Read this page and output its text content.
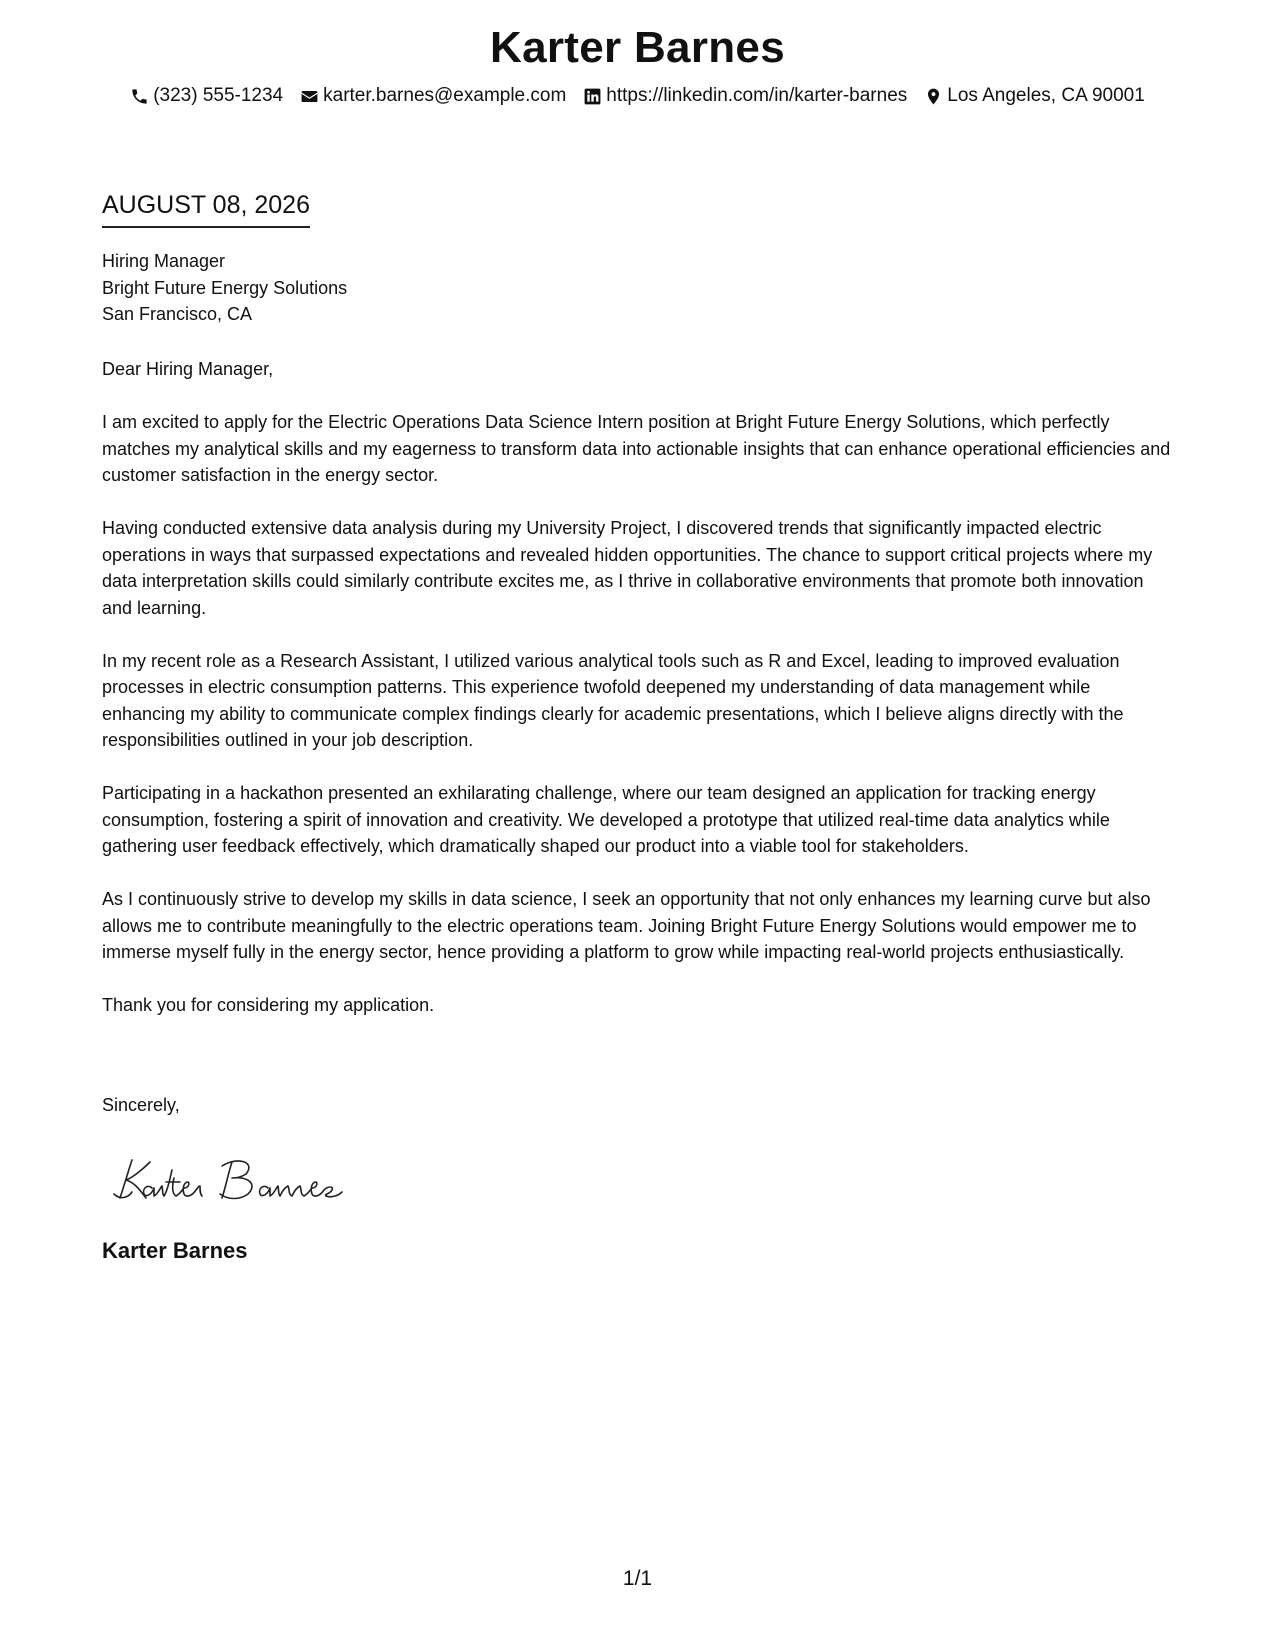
Karter Barnes
(323) 555-1234 karter.barnes@example.com https://linkedin.com/in/karter-barnes Los Angeles, CA 90001
AUGUST 08, 2026
Hiring Manager
Bright Future Energy Solutions
San Francisco, CA

Dear Hiring Manager,

I am excited to apply for the Electric Operations Data Science Intern position at Bright Future Energy Solutions, which perfectly matches my analytical skills and my eagerness to transform data into actionable insights that can enhance operational efficiencies and customer satisfaction in the energy sector.

Having conducted extensive data analysis during my University Project, I discovered trends that significantly impacted electric operations in ways that surpassed expectations and revealed hidden opportunities. The chance to support critical projects where my data interpretation skills could similarly contribute excites me, as I thrive in collaborative environments that promote both innovation and learning.

In my recent role as a Research Assistant, I utilized various analytical tools such as R and Excel, leading to improved evaluation processes in electric consumption patterns. This experience twofold deepened my understanding of data management while enhancing my ability to communicate complex findings clearly for academic presentations, which I believe aligns directly with the responsibilities outlined in your job description.

Participating in a hackathon presented an exhilarating challenge, where our team designed an application for tracking energy consumption, fostering a spirit of innovation and creativity. We developed a prototype that utilized real-time data analytics while gathering user feedback effectively, which dramatically shaped our product into a viable tool for stakeholders.

As I continuously strive to develop my skills in data science, I seek an opportunity that not only enhances my learning curve but also allows me to contribute meaningfully to the electric operations team. Joining Bright Future Energy Solutions would empower me to immerse myself fully in the energy sector, hence providing a platform to grow while impacting real-world projects enthusiastically.

Thank you for considering my application.

Sincerely,
Karter Barnes
Karter Barnes
1/1
